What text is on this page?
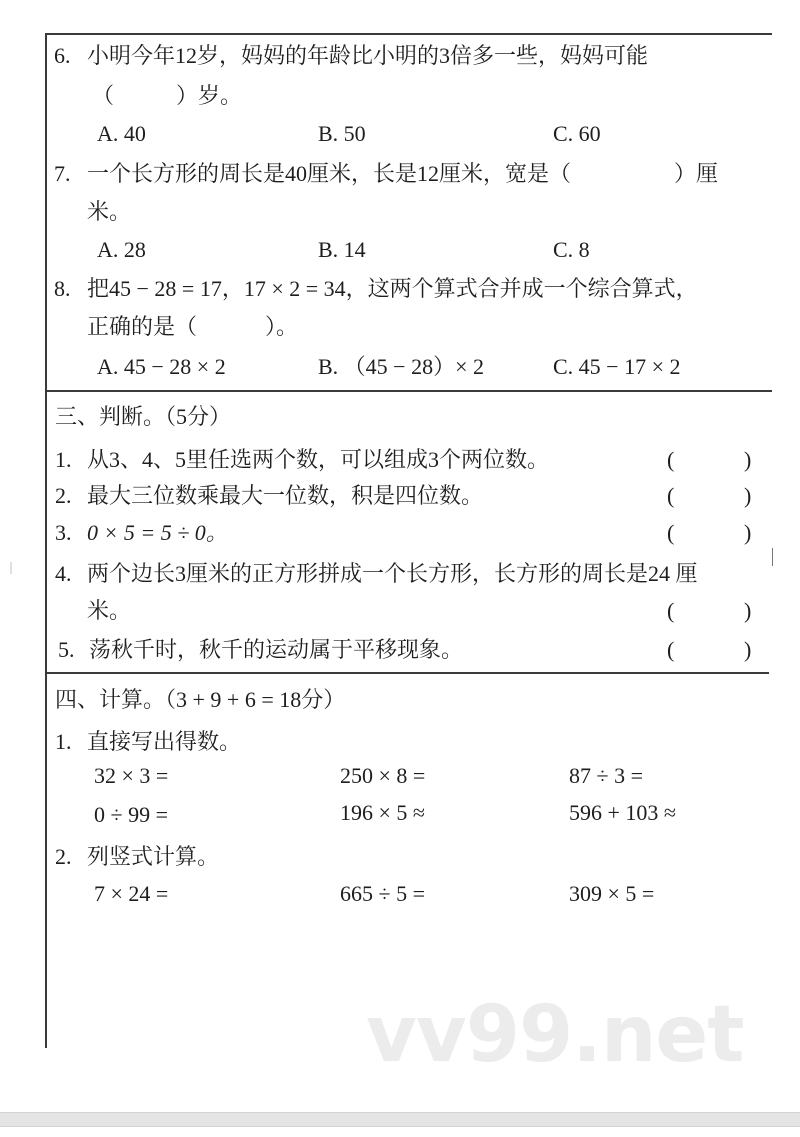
6. 小明今年12岁，妈妈的年龄比小明的3倍多一些，妈妈可能
（	）岁。
A. 40	B. 50	C. 60
7. 一个长方形的周长是40厘米，长是12厘米，宽是（	）厘
米。
A. 28	B. 14	C. 8
8. 把45 − 28 = 17，17 × 2 = 34，这两个算式合并成一个综合算式，
正确的是（	）。
A. 45 − 28 × 2	B. （45 − 28）× 2	C. 45 − 17 × 2
三、判断。（5分）
1. 从3、4、5里任选两个数，可以组成3个两位数。	(	)
2. 最大三位数乘最大一位数，积是四位数。	(	)
3. 0 × 5 = 5 ÷ 0。	(	)
4. 两个边长3厘米的正方形拼成一个长方形，长方形的周长是24 厘
米。	(	)
5. 荡秋千时，秋千的运动属于平移现象。	(	)
四、计算。（3 + 9 + 6 = 18分）
1. 直接写出得数。
32 × 3 =	250 × 8 =	87 ÷ 3 =
0 ÷ 99 =	196 × 5 ≈	596 + 103 ≈
2. 列竖式计算。
7 × 24 =	665 ÷ 5 =	309 × 5 =
vv99.net
